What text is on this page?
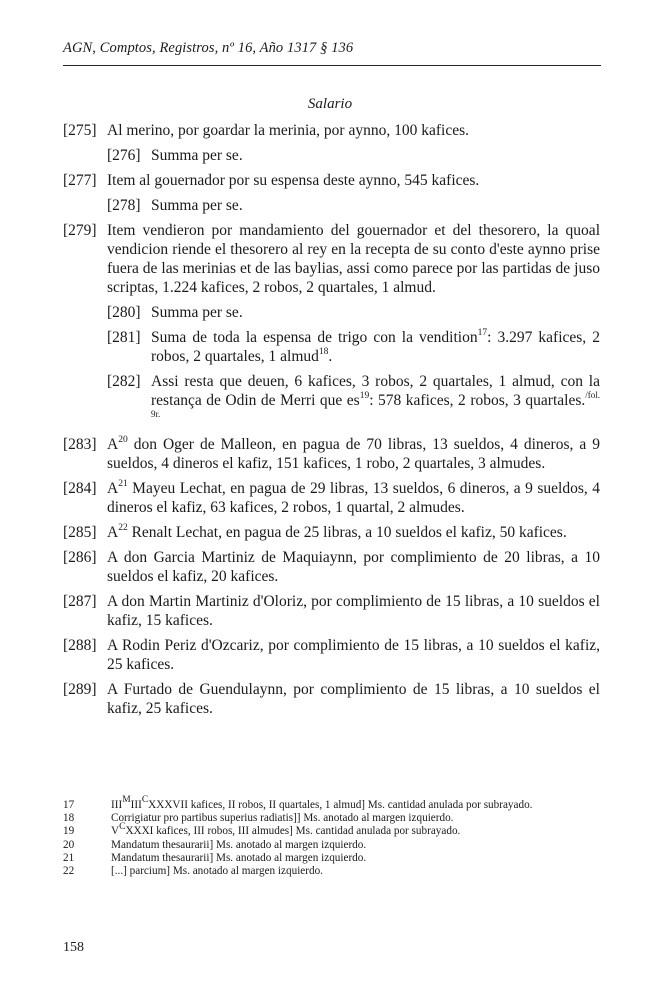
AGN, Comptos, Registros, nº 16, Año 1317 § 136
Salario
[275] Al merino, por goardar la merinia, por aynno, 100 kafices.
[276] Summa per se.
[277] Item al gouernador por su espensa deste aynno, 545 kafices.
[278] Summa per se.
[279] Item vendieron por mandamiento del gouernador et del thesorero, la quoal vendicion riende el thesorero al rey en la recepta de su conto d'este aynno prise fuera de las merinias et de las baylias, assi como parece por las partidas de juso scriptas, 1.224 kafices, 2 robos, 2 quartales, 1 almud.
[280] Summa per se.
[281] Suma de toda la espensa de trigo con la vendition$^{17}$: 3.297 kafices, 2 robos, 2 quartales, 1 almud$^{18}$.
[282] Assi resta que deuen, 6 kafices, 3 robos, 2 quartales, 1 almud, con la restança de Odin de Merri que $es^{19}$: 578 kafices, 2 robos, 3 quartales.$^{/fol. 9r.}$
[283] $A^{20}$ don Oger de Malleon, en pagua de 70 libras, 13 sueldos, 4 dineros, a 9 sueldos, 4 dineros el kafiz, 151 kafices, 1 robo, 2 quartales, 3 almudes.
[284] $A^{21}$ Mayeu Lechat, en pagua de 29 libras, 13 sueldos, 6 dineros, a 9 sueldos, 4 dineros el kafiz, 63 kafices, 2 robos, 1 quartal, 2 almudes.
[285] $A^{22}$ Renalt Lechat, en pagua de 25 libras, a 10 sueldos el kafiz, 50 kafices.
[286] A don Garcia Martiniz de Maquiaynn, por complimiento de 20 libras, a 10 sueldos el kafiz, 20 kafices.
[287] A don Martin Martiniz d'Oloriz, por complimiento de 15 libras, a 10 sueldos el kafiz, 15 kafices.
[288] A Rodin Periz d'Ozcariz, por complimiento de 15 libras, a 10 sueldos el kafiz, 25 kafices.
[289] A Furtado de Guendulaynn, por complimiento de 15 libras, a 10 sueldos el kafiz, 25 kafices.
17	$III^MIII^CXXXVII$ kafices, II robos, II quartales, 1 almud] Ms. cantidad anulada por subrayado.
18	Corrigiatur pro partibus superius radiatis]] Ms. anotado al margen izquierdo.
19	$V^CXXXI$ kafices, III robos, III almudes] Ms. cantidad anulada por subrayado.
20	Mandatum thesaurarii] Ms. anotado al margen izquierdo.
21	Mandatum thesaurarii] Ms. anotado al margen izquierdo.
22	[...] parcium] Ms. anotado al margen izquierdo.
158
